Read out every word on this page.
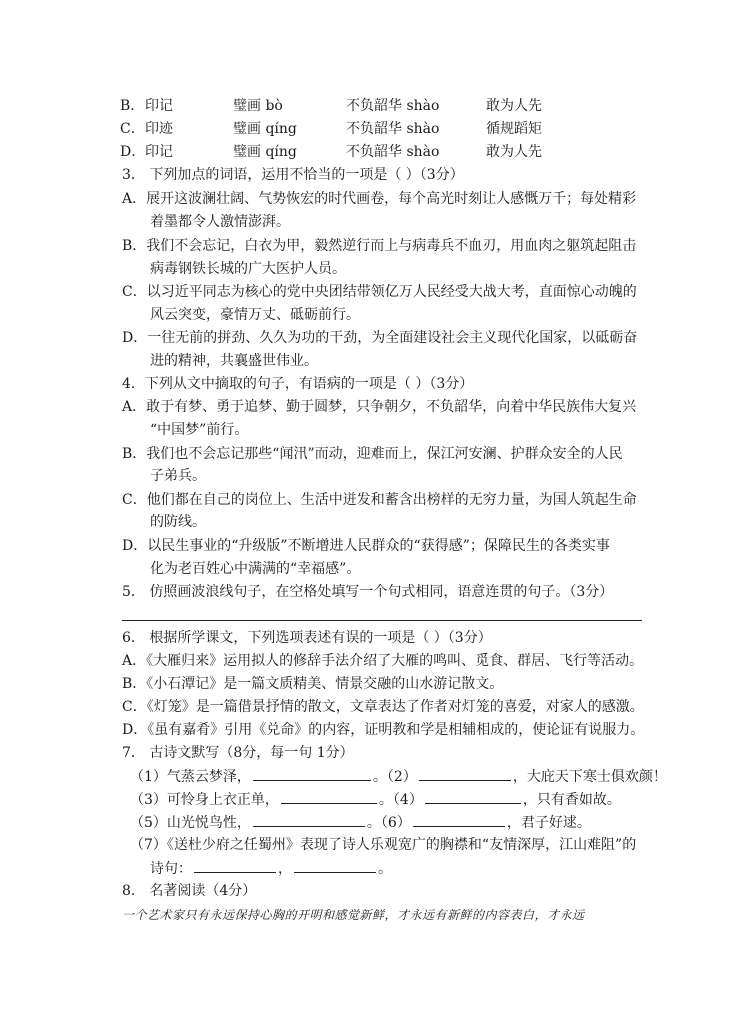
B． 印记	璧画 bò	不负韶华 shào	敢为人先
C． 印迹	璧画 qíng	不负韶华 shào	循规蹈矩
D． 印记	璧画 qíng	不负韶华 shào	敢为人先
3． 下列加点的词语，运用不恰当的一项是（ ）（3分）
A．展开这波澜壮阔、气势恢宏的时代画卷，每个高光时刻让人感慨万千；每处精彩
着墨都令人激情澎湃。
B．我们不会忘记，白衣为甲，毅然逆行而上与病毒兵不血刃，用血肉之躯筑起阻击
病毒钢铁长城的广大医护人员。
C．以习近平同志为核心的党中央团结带领亿万人民经受大战大考，直面惊心动魄的
风云突变，豪情万丈、砥砺前行。
D．一往无前的拼劲、久久为功的干劲，为全面建设社会主义现代化国家，以砥砺奋
进的精神，共襄盛世伟业。
4．下列从文中摘取的句子，有语病的一项是（ ）（3分）
A．敢于有梦、勇于追梦、勤于圆梦，只争朝夕，不负韶华，向着中华民族伟大复兴
“中国梦”前行。
B．我们也不会忘记那些“闻汛”而动，迎难而上，保江河安澜、护群众安全的人民
子弟兵。
C．他们都在自己的岗位上、生活中迸发和蓄含出榜样的无穷力量，为国人筑起生命
的防线。
D．以民生事业的“升级版”不断增进人民群众的“获得感”；保障民生的各类实事
化为老百姓心中满满的“幸福感”。
5． 仿照画波浪线句子，在空格处填写一个句式相同，语意连贯的句子。（3分）
6． 根据所学课文，下列选项表述有误的一项是（ ）（3分）
A．《大雁归来》运用拟人的修辞手法介绍了大雁的鸣叫、觅食、群居、飞行等活动。
B．《小石潭记》是一篇文质精美、情景交融的山水游记散文。
C．《灯笼》是一篇借景抒情的散文，文章表达了作者对灯笼的喜爱，对家人的感激。
D．《虽有嘉肴》引用《兑命》的内容，证明教和学是相辅相成的，使论证有说服力。
7． 古诗文默写（8分，每一句 1分）
（1）气蒸云梦泽，	。（2）	，大庇天下寒士俱欢颜！
（3）可怜身上衣正单，	。（4）	，只有香如故。
（5）山光悦鸟性，	。（6）	，君子好逑。
（7）《送杜少府之任蜀州》表现了诗人乐观宽广的胸襟和“友情深厚，江山难阻”的
诗句：	，	。
8． 名著阅读（4分）
一个艺术家只有永远保持心胸的开明和感觉新鲜，才永远有新鲜的内容表白，才永远
